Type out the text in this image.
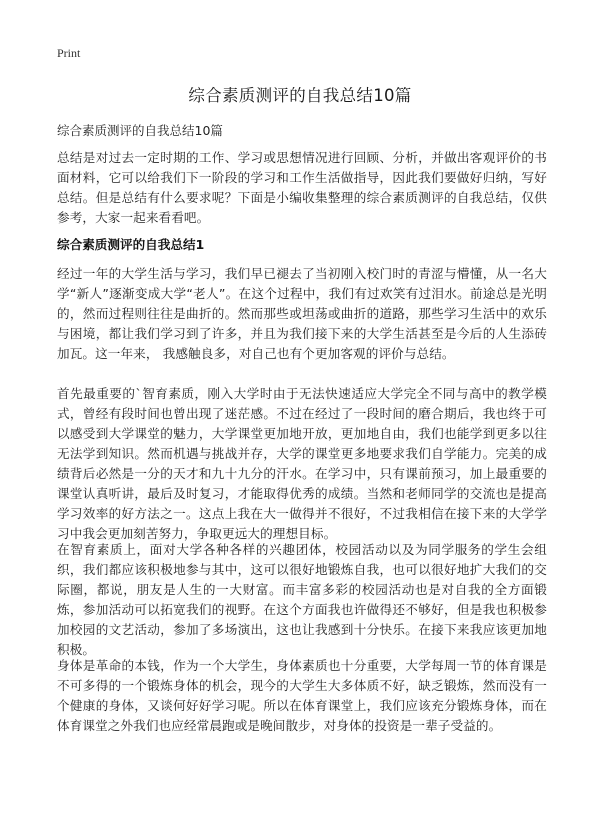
Print
综合素质测评的自我总结10篇
综合素质测评的自我总结10篇

总结是对过去一定时期的工作、学习或思想情况进行回顾、分析，并做出客观评价的书面材料，它可以给我们下一阶段的学习和工作生活做指导，因此我们要做好归纳，写好总结。但是总结有什么要求呢？下面是小编收集整理的综合素质测评的自我总结，仅供参考，大家一起来看看吧。

综合素质测评的自我总结1

经过一年的大学生活与学习，我们早已褪去了当初刚入校门时的青涩与懵懂，从一名大学“新人”逐渐变成大学“老人”。在这个过程中，我们有过欢笑有过泪水。前途总是光明的，然而过程则往往是曲折的。然而那些或坦荡或曲折的道路，那些学习生活中的欢乐与困境，都让我们学习到了许多，并且为我们接下来的大学生活甚至是今后的人生添砖加瓦。这一年来， 我感触良多，对自己也有个更加客观的评价与总结。

首先最重要的`智育素质，刚入大学时由于无法快速适应大学完全不同与高中的教学模式，曾经有段时间也曾出现了迷茫感。不过在经过了一段时间的磨合期后，我也终于可以感受到大学课堂的魅力，大学课堂更加地开放，更加地自由，我们也能学到更多以往无法学到知识。然而机遇与挑战并存，大学的课堂更多地要求我们自学能力。完美的成绩背后必然是一分的天才和九十九分的汗水。在学习中，只有课前预习，加上最重要的课堂认真听讲，最后及时复习，才能取得优秀的成绩。当然和老师同学的交流也是提高学习效率的好方法之一。这点上我在大一做得并不很好，不过我相信在接下来的大学学习中我会更加刻苦努力，争取更远大的理想目标。

在智育素质上，面对大学各种各样的兴趣团体，校园活动以及为同学服务的学生会组织，我们都应该积极地参与其中，这可以很好地锻炼自我，也可以很好地扩大我们的交际圈，都说，朋友是人生的一大财富。而丰富多彩的校园活动也是对自我的全方面锻炼，参加活动可以拓宽我们的视野。在这个方面我也许做得还不够好，但是我也积极参加校园的文艺活动，参加了多场演出，这也让我感到十分快乐。在接下来我应该更加地积极。

身体是革命的本钱，作为一个大学生，身体素质也十分重要，大学每周一节的体育课是不可多得的一个锻炼身体的机会，现今的大学生大多体质不好，缺乏锻炼，然而没有一个健康的身体，又谈何好好学习呢。所以在体育课堂上，我们应该充分锻炼身体，而在体育课堂之外我们也应经常晨跑或是晚间散步，对身体的投资是一辈子受益的。
